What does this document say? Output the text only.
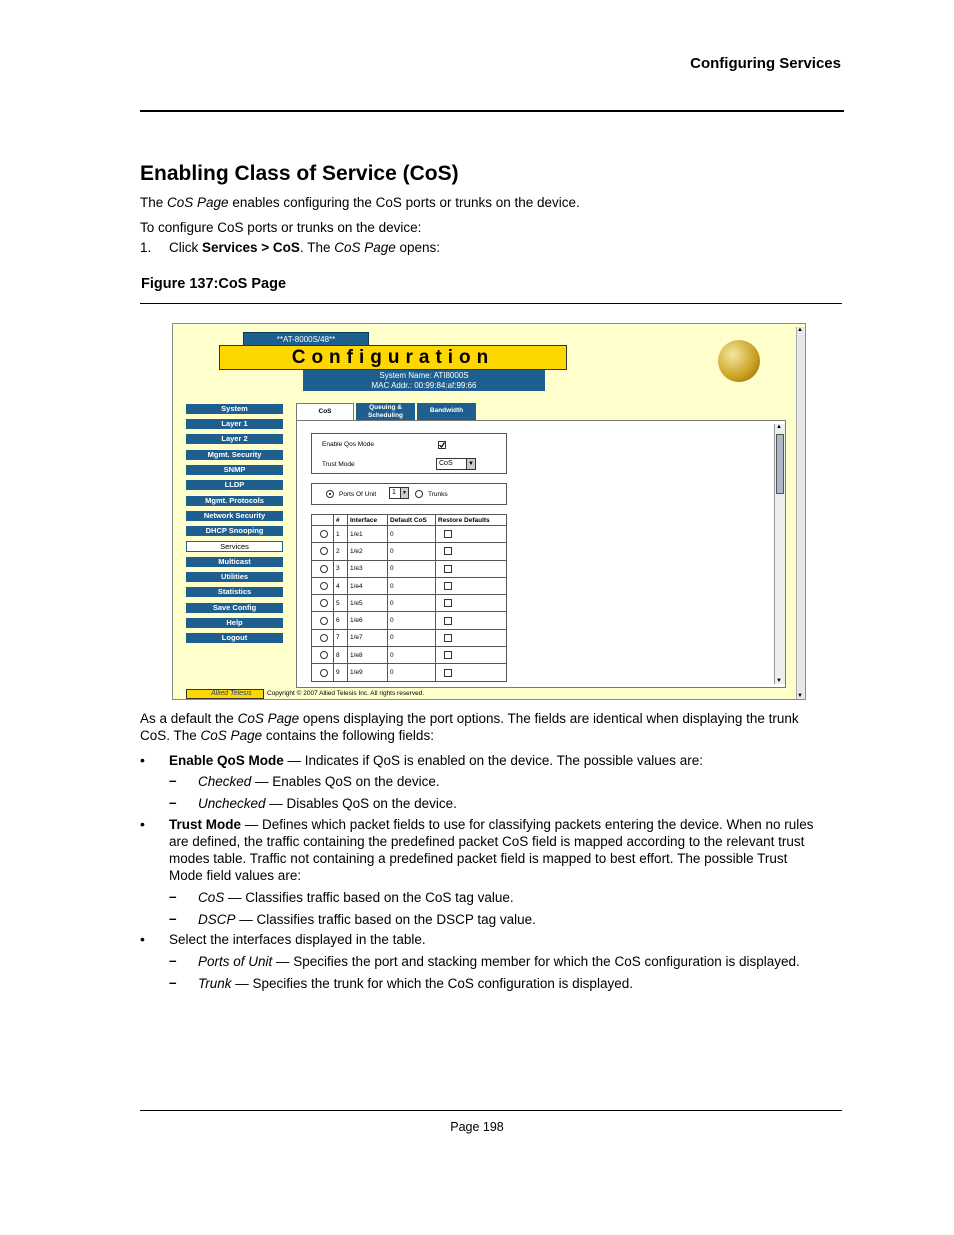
Configuring Services
Enabling Class of Service (CoS)
The CoS Page enables configuring the CoS ports or trunks on the device.
To configure CoS ports or trunks on the device:
1. Click Services > CoS. The CoS Page opens:
Figure 137:CoS Page
**AT-8000S/48**
Configuration
System Name: ATI8000S
MAC Addr.: 00:99:84:af:99:66
System
Layer 1
Layer 2
Mgmt. Security
SNMP
LLDP
Mgmt. Protocols
Network Security
DHCP Snooping
Services
Multicast
Utilities
Statistics
Save Config
Help
Logout
CoS
Queuing &
Scheduling
Bandwidth
Enable Qos Mode
Trust Mode	CoS	▼
Ports Of Unit	1	▼	Trunks
▲
▼
	#	Interface	Default CoS	Restore Defaults

	1	1/e1	0	

	2	1/e2	0	

	3	1/e3	0	

	4	1/e4	0	

	5	1/e5	0	

	6	1/e6	0	

	7	1/e7	0	

	8	1/e8	0	

	9	1/e9	0	
▲
▼
Allied Telesis	Copyright © 2007 Allied Telesis Inc. All rights reserved.
As a default the CoS Page opens displaying the port options. The fields are identical when displaying the trunk
CoS. The CoS Page contains the following fields:
• Enable QoS Mode — Indicates if QoS is enabled on the device. The possible values are:
– Checked — Enables QoS on the device.
– Unchecked — Disables QoS on the device.
• Trust Mode — Defines which packet fields to use for classifying packets entering the device. When no rules
are defined, the traffic containing the predefined packet CoS field is mapped according to the relevant trust
modes table. Traffic not containing a predefined packet field is mapped to best effort. The possible Trust
Mode field values are:
– CoS — Classifies traffic based on the CoS tag value.
– DSCP — Classifies traffic based on the DSCP tag value.
• Select the interfaces displayed in the table.
– Ports of Unit — Specifies the port and stacking member for which the CoS configuration is displayed.
– Trunk — Specifies the trunk for which the CoS configuration is displayed.
Page 198
